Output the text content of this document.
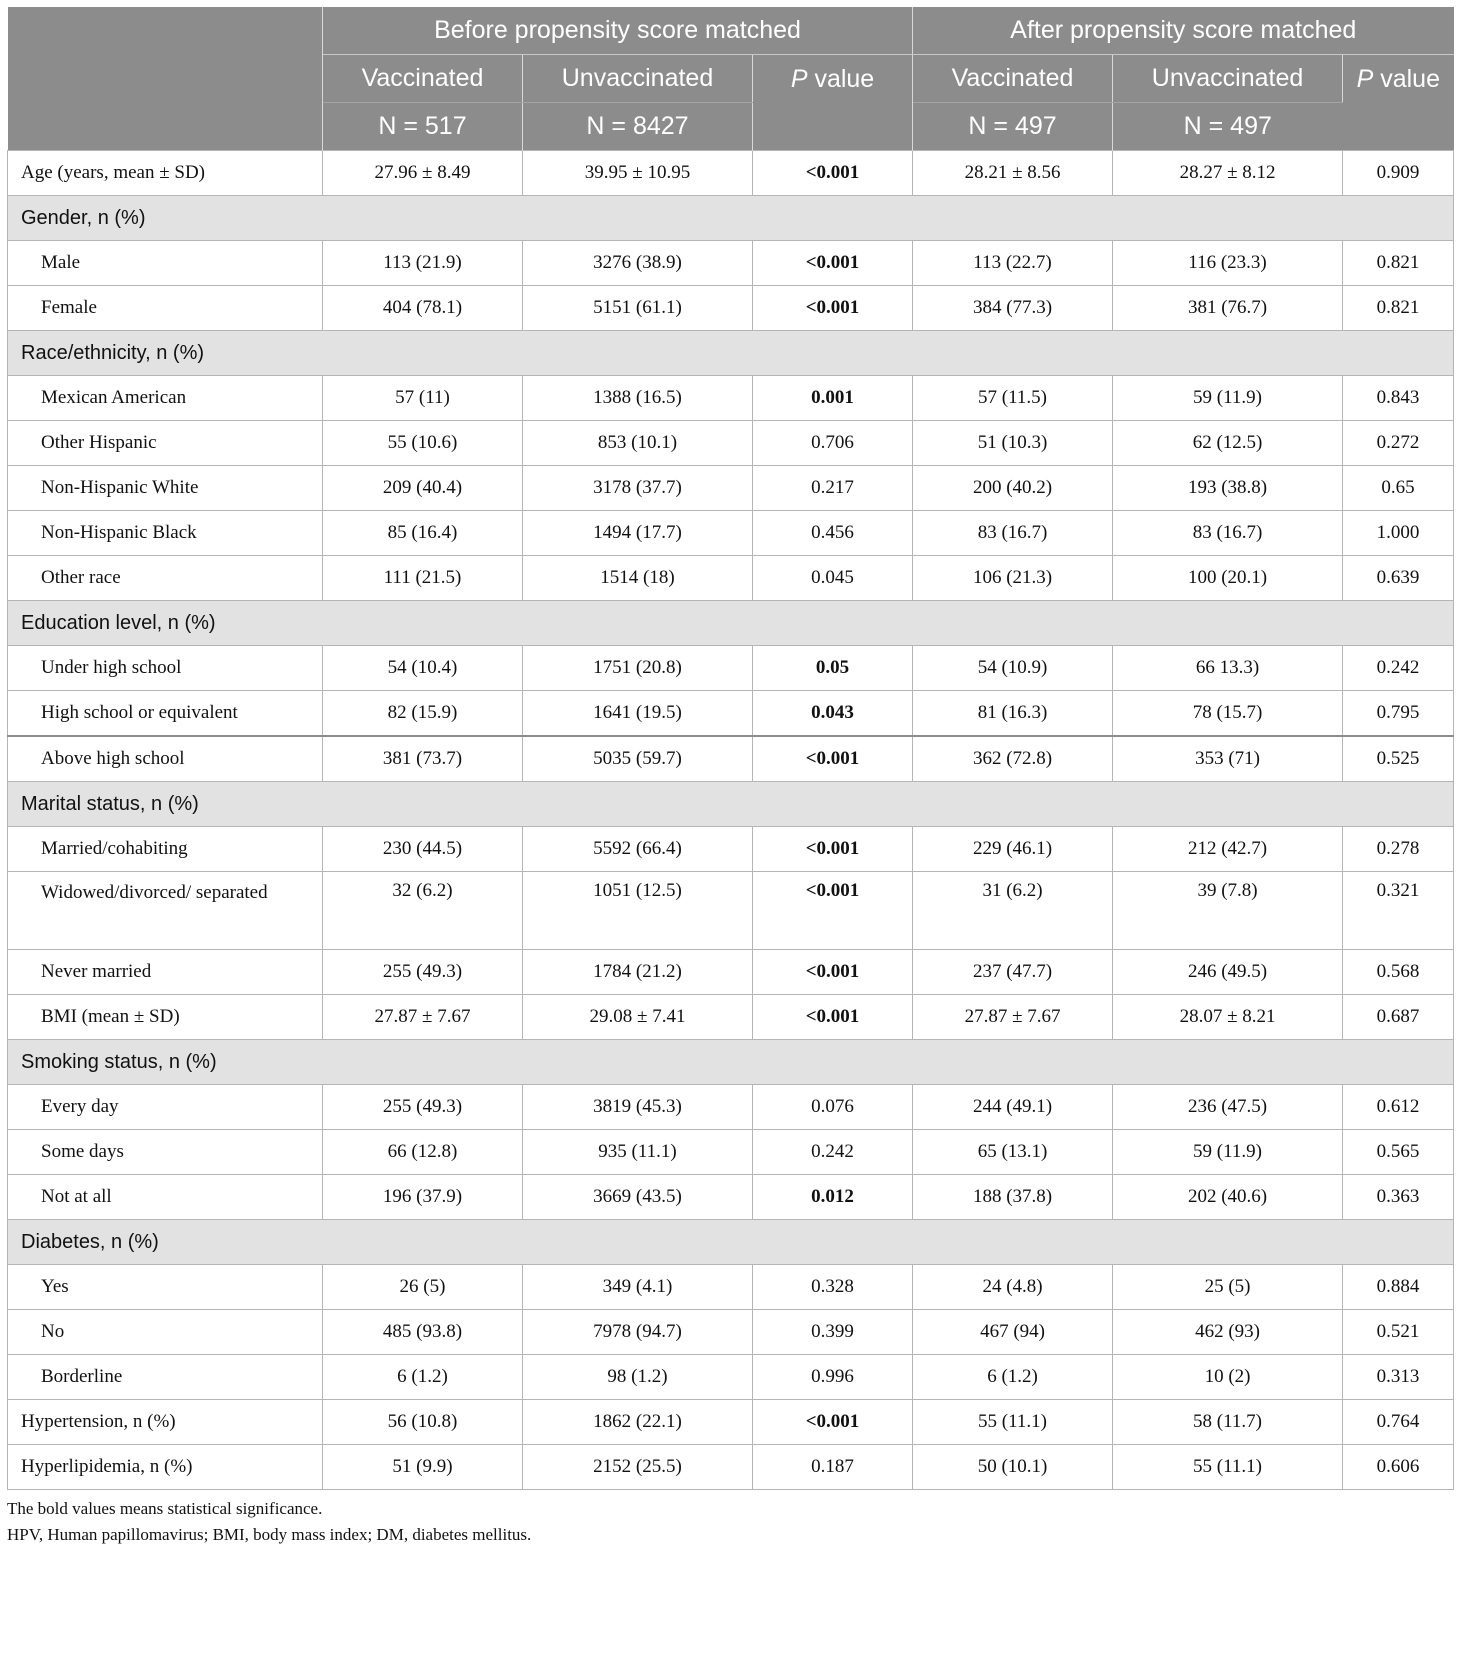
	Before propensity score matched			After propensity score matched		
	Vaccinated	Unvaccinated	P value	Vaccinated	Unvaccinated	P value
	N = 517	N = 8427		N = 497	N = 497	
Age (years, mean ± SD)	27.96 ± 8.49	39.95 ± 10.95	<0.001	28.21 ± 8.56	28.27 ± 8.12	0.909
Gender, n (%)						
Male	113 (21.9)	3276 (38.9)	<0.001	113 (22.7)	116 (23.3)	0.821
Female	404 (78.1)	5151 (61.1)	<0.001	384 (77.3)	381 (76.7)	0.821
Race/ethnicity, n (%)						
Mexican American	57 (11)	1388 (16.5)	0.001	57 (11.5)	59 (11.9)	0.843
Other Hispanic	55 (10.6)	853 (10.1)	0.706	51 (10.3)	62 (12.5)	0.272
Non-Hispanic White	209 (40.4)	3178 (37.7)	0.217	200 (40.2)	193 (38.8)	0.65
Non-Hispanic Black	85 (16.4)	1494 (17.7)	0.456	83 (16.7)	83 (16.7)	1.000
Other race	111 (21.5)	1514 (18)	0.045	106 (21.3)	100 (20.1)	0.639
Education level, n (%)						
Under high school	54 (10.4)	1751 (20.8)	0.05	54 (10.9)	66 13.3)	0.242
High school or equivalent	82 (15.9)	1641 (19.5)	0.043	81 (16.3)	78 (15.7)	0.795
Above high school	381 (73.7)	5035 (59.7)	<0.001	362 (72.8)	353 (71)	0.525
Marital status, n (%)						
Married/cohabiting	230 (44.5)	5592 (66.4)	<0.001	229 (46.1)	212 (42.7)	0.278
Widowed/divorced/ separated	32 (6.2)	1051 (12.5)	<0.001	31 (6.2)	39 (7.8)	0.321
Never married	255 (49.3)	1784 (21.2)	<0.001	237 (47.7)	246 (49.5)	0.568
BMI (mean ± SD)	27.87 ± 7.67	29.08 ± 7.41	<0.001	27.87 ± 7.67	28.07 ± 8.21	0.687
Smoking status, n (%)						
Every day	255 (49.3)	3819 (45.3)	0.076	244 (49.1)	236 (47.5)	0.612
Some days	66 (12.8)	935 (11.1)	0.242	65 (13.1)	59 (11.9)	0.565
Not at all	196 (37.9)	3669 (43.5)	0.012	188 (37.8)	202 (40.6)	0.363
Diabetes, n (%)						
Yes	26 (5)	349 (4.1)	0.328	24 (4.8)	25 (5)	0.884
No	485 (93.8)	7978 (94.7)	0.399	467 (94)	462 (93)	0.521
Borderline	6 (1.2)	98 (1.2)	0.996	6 (1.2)	10 (2)	0.313
Hypertension, n (%)	56 (10.8)	1862 (22.1)	<0.001	55 (11.1)	58 (11.7)	0.764
Hyperlipidemia, n (%)	51 (9.9)	2152 (25.5)	0.187	50 (10.1)	55 (11.1)	0.606
The bold values means statistical significance.
HPV, Human papillomavirus; BMI, body mass index; DM, diabetes mellitus.
